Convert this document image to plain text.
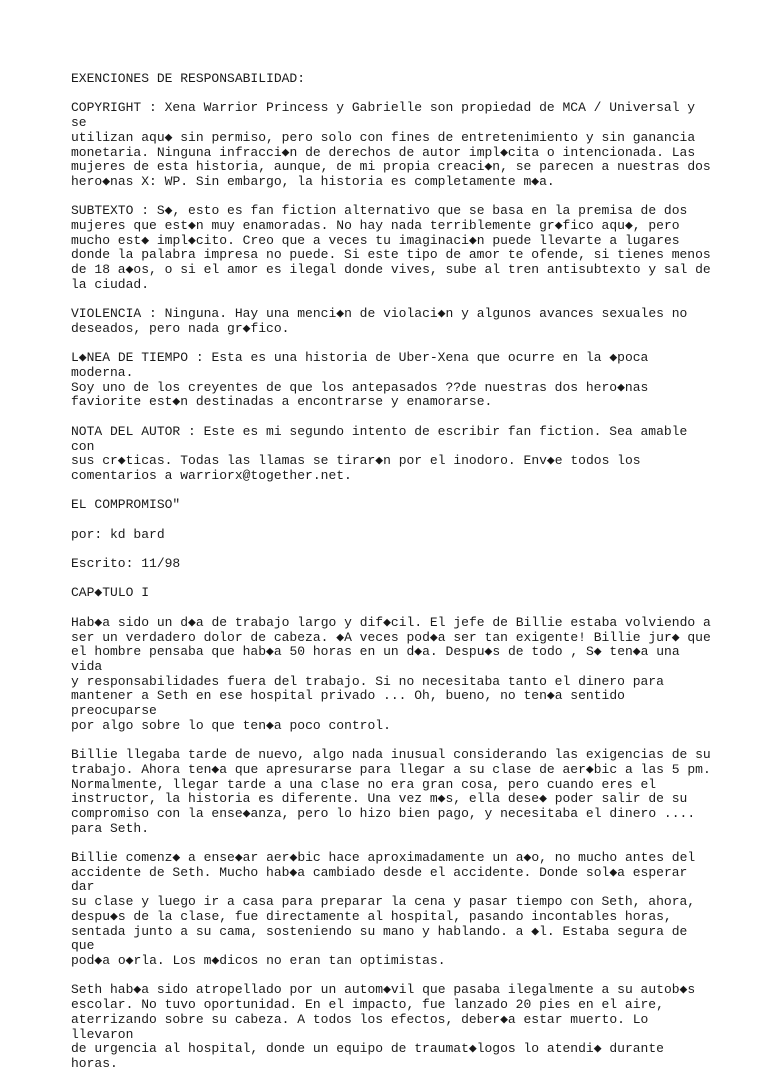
EXENCIONES DE RESPONSABILIDAD:

COPYRIGHT : Xena Warrior Princess y Gabrielle son propiedad de MCA / Universal y se
utilizan aqu◆ sin permiso, pero solo con fines de entretenimiento y sin ganancia
monetaria. Ninguna infracci◆n de derechos de autor impl◆cita o intencionada. Las
mujeres de esta historia, aunque, de mi propia creaci◆n, se parecen a nuestras dos
hero◆nas X: WP. Sin embargo, la historia es completamente m◆a.

SUBTEXTO : S◆, esto es fan fiction alternativo que se basa en la premisa de dos
mujeres que est◆n muy enamoradas. No hay nada terriblemente gr◆fico aqu◆, pero
mucho est◆ impl◆cito. Creo que a veces tu imaginaci◆n puede llevarte a lugares
donde la palabra impresa no puede. Si este tipo de amor te ofende, si tienes menos
de 18 a◆os, o si el amor es ilegal donde vives, sube al tren antisubtexto y sal de
la ciudad.

VIOLENCIA : Ninguna. Hay una menci◆n de violaci◆n y algunos avances sexuales no
deseados, pero nada gr◆fico.

L◆NEA DE TIEMPO : Esta es una historia de Uber-Xena que ocurre en la ◆poca moderna.
Soy uno de los creyentes de que los antepasados ??de nuestras dos hero◆nas
faviorite est◆n destinadas a encontrarse y enamorarse.

NOTA DEL AUTOR : Este es mi segundo intento de escribir fan fiction. Sea amable con
sus cr◆ticas. Todas las llamas se tirar◆n por el inodoro. Env◆e todos los
comentarios a warriorx@together.net.

EL COMPROMISO"

por: kd bard

Escrito: 11/98

CAP◆TULO I

Hab◆a sido un d◆a de trabajo largo y dif◆cil. El jefe de Billie estaba volviendo a
ser un verdadero dolor de cabeza. ◆A veces pod◆a ser tan exigente! Billie jur◆ que
el hombre pensaba que hab◆a 50 horas en un d◆a. Despu◆s de todo , S◆ ten◆a una vida
y responsabilidades fuera del trabajo. Si no necesitaba tanto el dinero para
mantener a Seth en ese hospital privado ... Oh, bueno, no ten◆a sentido preocuparse
por algo sobre lo que ten◆a poco control.

Billie llegaba tarde de nuevo, algo nada inusual considerando las exigencias de su
trabajo. Ahora ten◆a que apresurarse para llegar a su clase de aer◆bic a las 5 pm.
Normalmente, llegar tarde a una clase no era gran cosa, pero cuando eres el
instructor, la historia es diferente. Una vez m◆s, ella dese◆ poder salir de su
compromiso con la ense◆anza, pero lo hizo bien pago, y necesitaba el dinero ....
para Seth.

Billie comenz◆ a ense◆ar aer◆bic hace aproximadamente un a◆o, no mucho antes del
accidente de Seth. Mucho hab◆a cambiado desde el accidente. Donde sol◆a esperar dar
su clase y luego ir a casa para preparar la cena y pasar tiempo con Seth, ahora,
despu◆s de la clase, fue directamente al hospital, pasando incontables horas,
sentada junto a su cama, sosteniendo su mano y hablando. a ◆l. Estaba segura de que
pod◆a o◆rla. Los m◆dicos no eran tan optimistas.

Seth hab◆a sido atropellado por un autom◆vil que pasaba ilegalmente a su autob◆s
escolar. No tuvo oportunidad. En el impacto, fue lanzado 20 pies en el aire,
aterrizando sobre su cabeza. A todos los efectos, deber◆a estar muerto. Lo llevaron
de urgencia al hospital, donde un equipo de traumat◆logos lo atendi◆ durante horas.
